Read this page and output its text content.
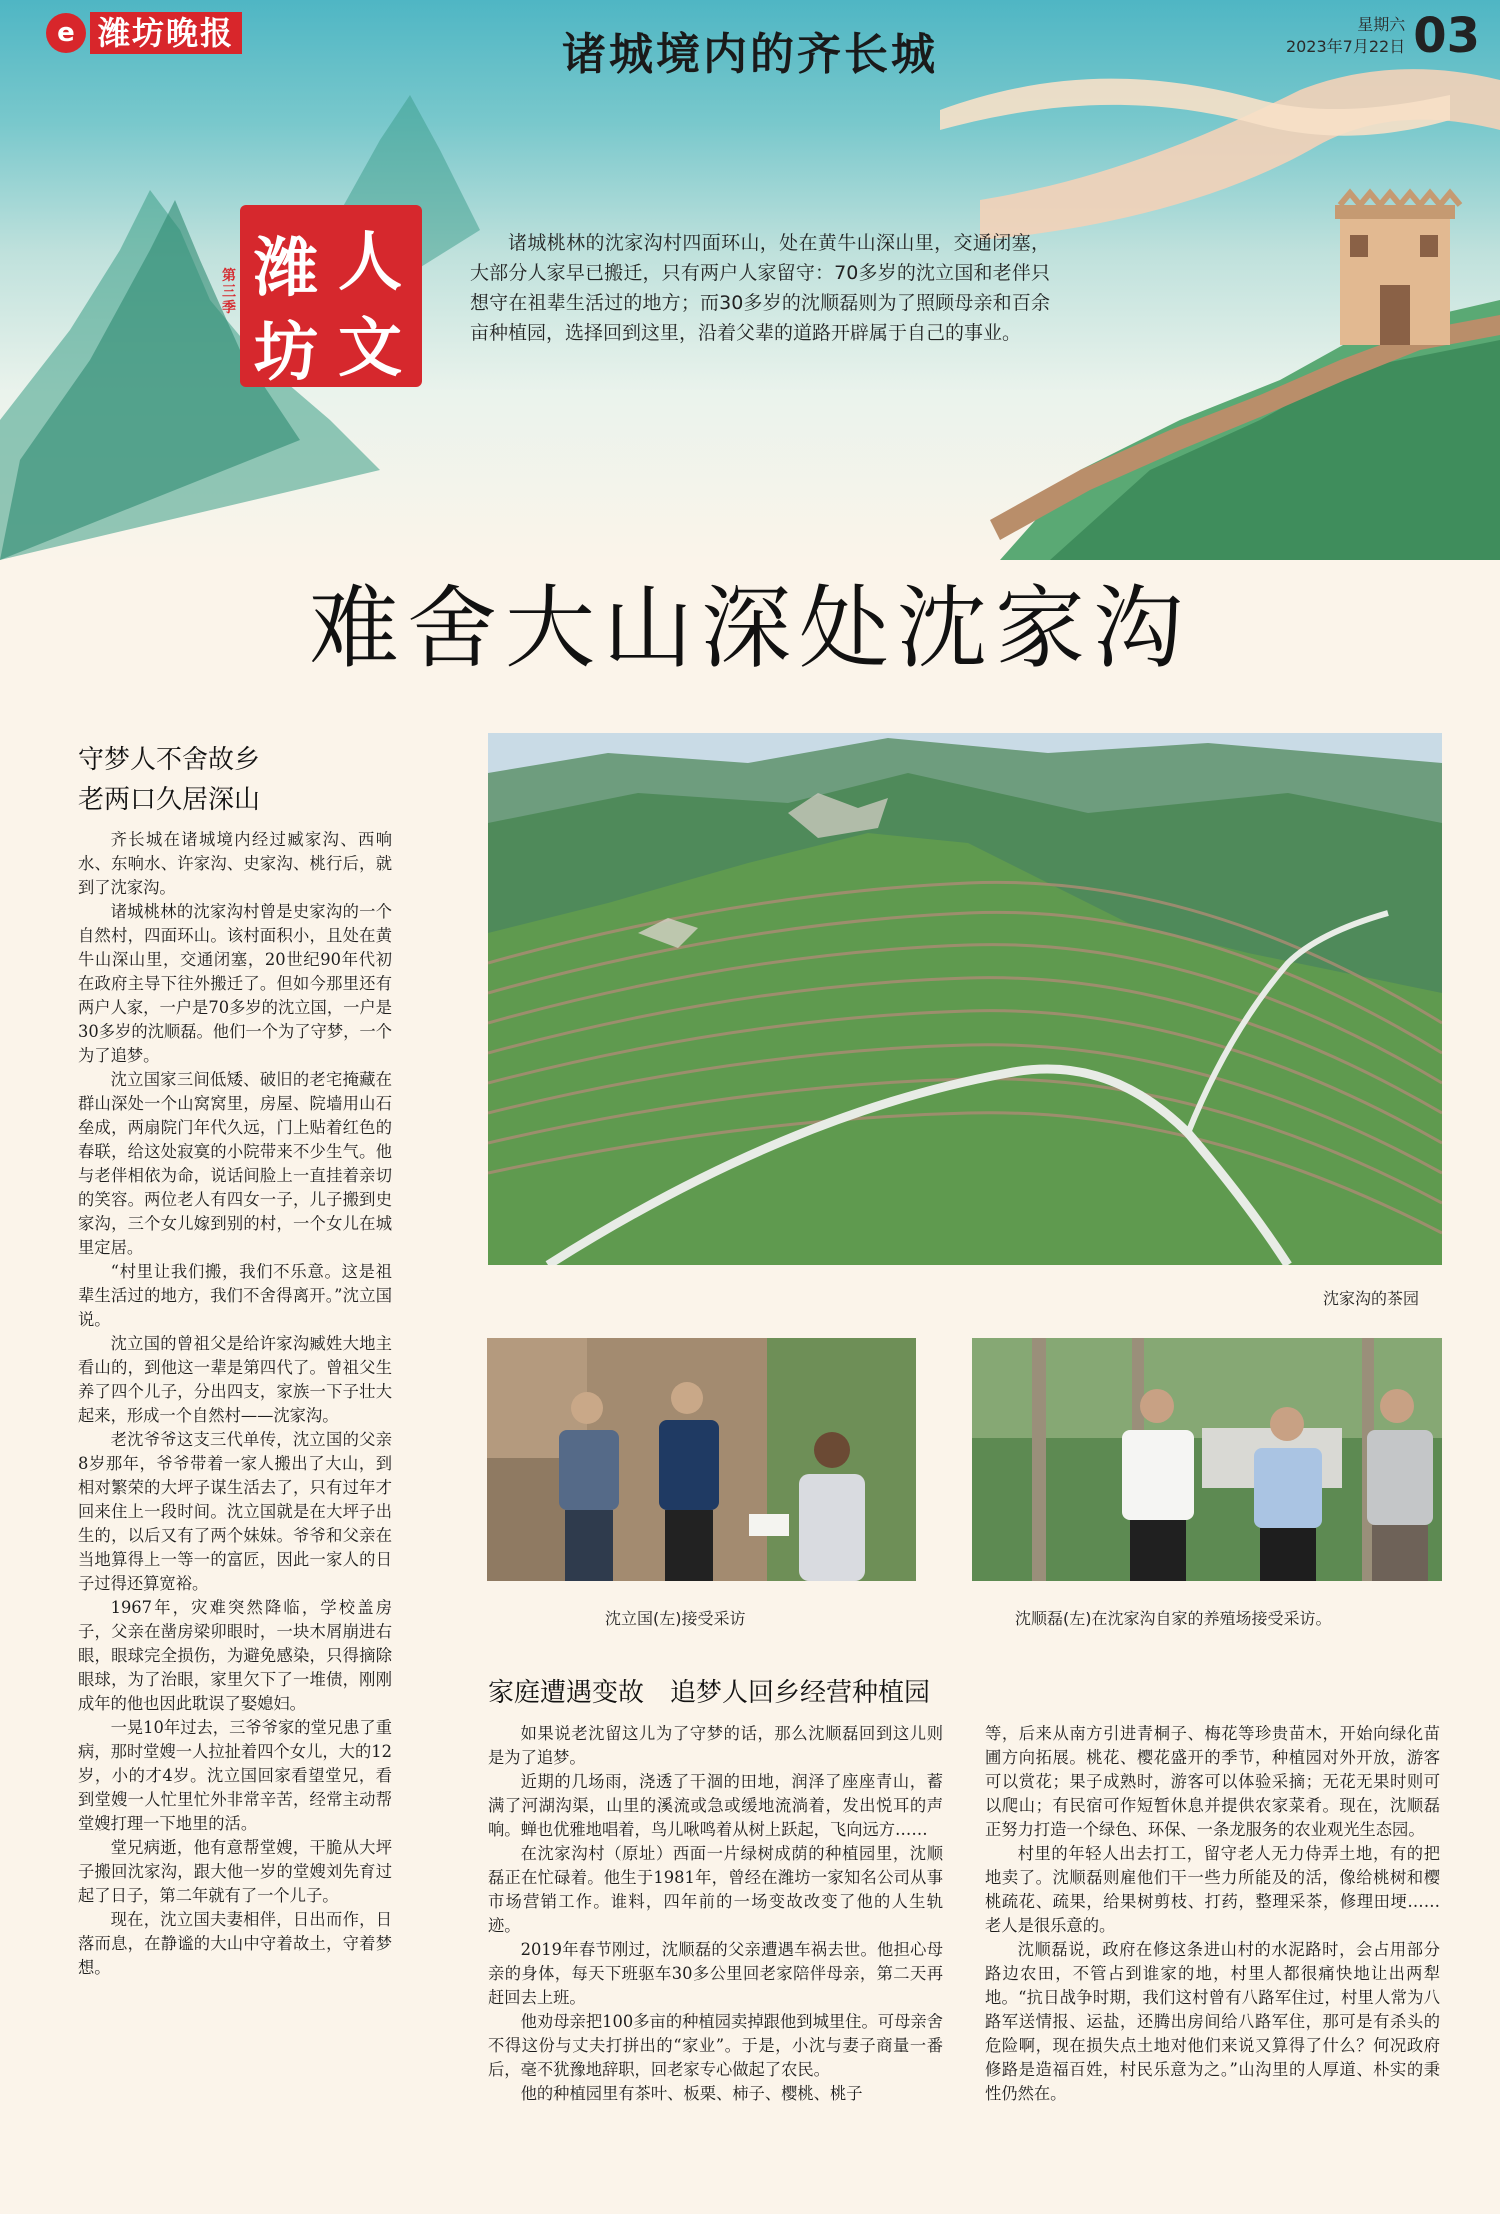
e 潍坊晚报	诸城境内的齐长城
星期六
2023年7月22日 03
第三季
潍
坊
人
文
诸城桃林的沈家沟村四面环山，处在黄牛山深山里，交通闭塞，大部分人家早已搬迁，只有两户人家留守：70多岁的沈立国和老伴只想守在祖辈生活过的地方；而30多岁的沈顺磊则为了照顾母亲和百余亩种植园，选择回到这里，沿着父辈的道路开辟属于自己的事业。
难舍大山深处沈家沟
守梦人不舍故乡
老两口久居深山

齐长城在诸城境内经过臧家沟、西响水、东响水、许家沟、史家沟、桃行后，就到了沈家沟。

诸城桃林的沈家沟村曾是史家沟的一个自然村，四面环山。该村面积小，且处在黄牛山深山里，交通闭塞，20世纪90年代初在政府主导下往外搬迁了。但如今那里还有两户人家，一户是70多岁的沈立国，一户是30多岁的沈顺磊。他们一个为了守梦，一个为了追梦。

沈立国家三间低矮、破旧的老宅掩藏在群山深处一个山窝窝里，房屋、院墙用山石垒成，两扇院门年代久远，门上贴着红色的春联，给这处寂寞的小院带来不少生气。他与老伴相依为命，说话间脸上一直挂着亲切的笑容。两位老人有四女一子，儿子搬到史家沟，三个女儿嫁到别的村，一个女儿在城里定居。

“村里让我们搬，我们不乐意。这是祖辈生活过的地方，我们不舍得离开。”沈立国说。

沈立国的曾祖父是给许家沟臧姓大地主看山的，到他这一辈是第四代了。曾祖父生养了四个儿子，分出四支，家族一下子壮大起来，形成一个自然村——沈家沟。

老沈爷爷这支三代单传，沈立国的父亲8岁那年，爷爷带着一家人搬出了大山，到相对繁荣的大坪子谋生活去了，只有过年才回来住上一段时间。沈立国就是在大坪子出生的，以后又有了两个妹妹。爷爷和父亲在当地算得上一等一的富匠，因此一家人的日子过得还算宽裕。

1967年，灾难突然降临，学校盖房子，父亲在凿房梁卯眼时，一块木屑崩进右眼，眼球完全损伤，为避免感染，只得摘除眼球，为了治眼，家里欠下了一堆债，刚刚成年的他也因此耽误了娶媳妇。

一晃10年过去，三爷爷家的堂兄患了重病，那时堂嫂一人拉扯着四个女儿，大的12岁，小的才4岁。沈立国回家看望堂兄，看到堂嫂一人忙里忙外非常辛苦，经常主动帮堂嫂打理一下地里的活。

堂兄病逝，他有意帮堂嫂，干脆从大坪子搬回沈家沟，跟大他一岁的堂嫂刘先育过起了日子，第二年就有了一个儿子。

现在，沈立国夫妻相伴，日出而作，日落而息，在静谧的大山中守着故土，守着梦想。

沈家沟的茶园
沈立国(左)接受采访	沈顺磊(左)在沈家沟自家的养殖场接受采访。
家庭遭遇变故　追梦人回乡经营种植园

如果说老沈留这儿为了守梦的话，那么沈顺磊回到这儿则是为了追梦。

近期的几场雨，浇透了干涸的田地，润泽了座座青山，蓄满了河湖沟渠，山里的溪流或急或缓地流淌着，发出悦耳的声响。蝉也优雅地唱着，鸟儿啾鸣着从树上跃起，飞向远方……

在沈家沟村（原址）西面一片绿树成荫的种植园里，沈顺磊正在忙碌着。他生于1981年，曾经在潍坊一家知名公司从事市场营销工作。谁料，四年前的一场变故改变了他的人生轨迹。

2019年春节刚过，沈顺磊的父亲遭遇车祸去世。他担心母亲的身体，每天下班驱车30多公里回老家陪伴母亲，第二天再赶回去上班。

他劝母亲把100多亩的种植园卖掉跟他到城里住。可母亲舍不得这份与丈夫打拼出的“家业”。于是，小沈与妻子商量一番后，毫不犹豫地辞职，回老家专心做起了农民。

他的种植园里有茶叶、板栗、柿子、樱桃、桃子

等，后来从南方引进青桐子、梅花等珍贵苗木，开始向绿化苗圃方向拓展。桃花、樱花盛开的季节，种植园对外开放，游客可以赏花；果子成熟时，游客可以体验采摘；无花无果时则可以爬山；有民宿可作短暂休息并提供农家菜肴。现在，沈顺磊正努力打造一个绿色、环保、一条龙服务的农业观光生态园。

村里的年轻人出去打工，留守老人无力侍弄土地，有的把地卖了。沈顺磊则雇他们干一些力所能及的活，像给桃树和樱桃疏花、疏果，给果树剪枝、打药，整理采茶，修理田埂……老人是很乐意的。

沈顺磊说，政府在修这条进山村的水泥路时，会占用部分路边农田，不管占到谁家的地，村里人都很痛快地让出两犁地。“抗日战争时期，我们这村曾有八路军住过，村里人常为八路军送情报、运盐，还腾出房间给八路军住，那可是有杀头的危险啊，现在损失点土地对他们来说又算得了什么？何况政府修路是造福百姓，村民乐意为之。”山沟里的人厚道、朴实的秉性仍然在。
